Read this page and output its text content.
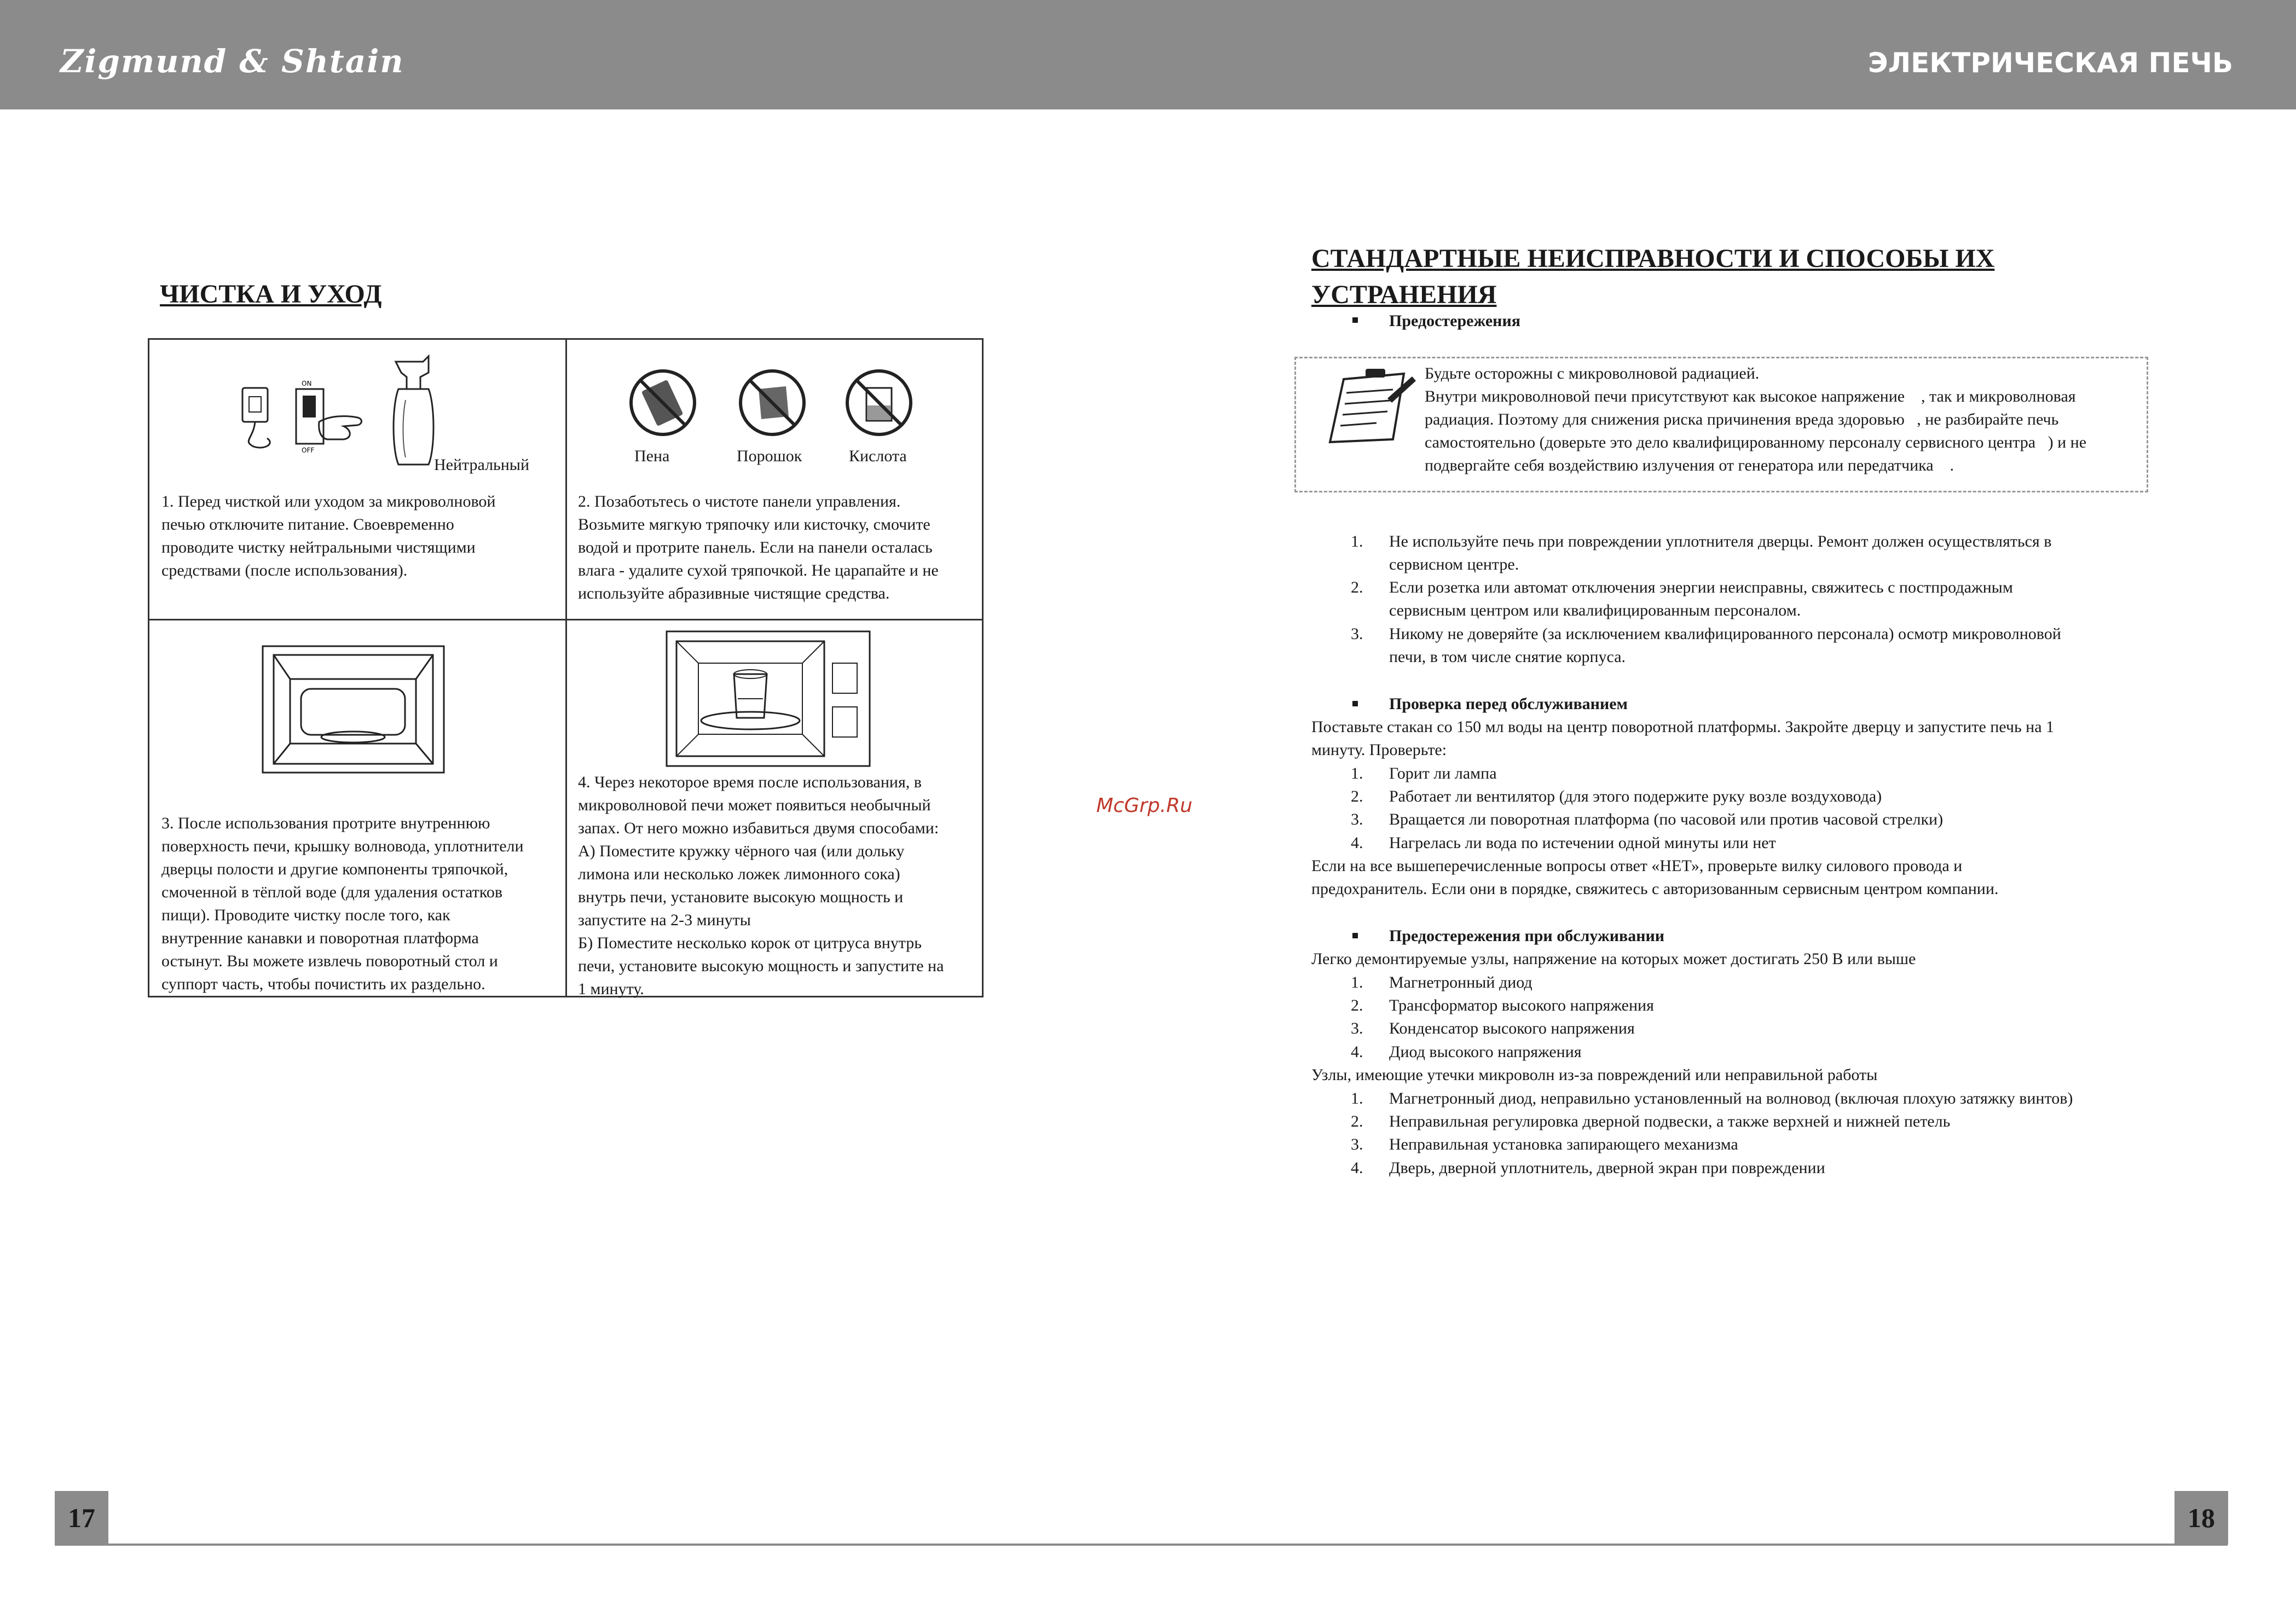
Zigmund & Shtain	ЭЛЕКТРИЧЕСКАЯ ПЕЧЬ
ЧИСТКА И УХОД
ON
OFF
Нейтральный
1. Перед чисткой или уходом за микроволновой
печью отключите питание. Своевременно
проводите чистку нейтральными чистящими
средствами (после использования).
Пена	Порошок	Кислота
2. Позаботьтесь о чистоте панели управления.
Возьмите мягкую тряпочку или кисточку, смочите
водой и протрите панель. Если на панели осталась
влага - удалите сухой тряпочкой. Не царапайте и не
используйте абразивные чистящие средства.
3. После использования протрите внутреннюю
поверхность печи, крышку волновода, уплотнители
дверцы полости и другие компоненты тряпочкой,
смоченной в тёплой воде (для удаления остатков
пищи). Проводите чистку после того, как
внутренние канавки и поворотная платформа
остынут. Вы можете извлечь поворотный стол и
суппорт часть, чтобы почистить их раздельно.
4. Через некоторое время после использования, в
микроволновой печи может появиться необычный
запах. От него можно избавиться двумя способами:
А) Поместите кружку чёрного чая (или дольку
лимона или несколько ложек лимонного сока)
внутрь печи, установите высокую мощность и
запустите на 2-3 минуты
Б) Поместите несколько корок от цитруса внутрь
печи, установите высокую мощность и запустите на
1 минуту.
McGrp.Ru
СТАНДАРТНЫЕ НЕИСПРАВНОСТИ И СПОСОБЫ ИХ УСТРАНЕНИЯ
Предостережения
Будьте осторожны с микроволновой радиацией.
Внутри микроволновой печи присутствуют как высокое напряжение    , так и микроволновая
радиация. Поэтому для снижения риска причинения вреда здоровью   , не разбирайте печь
самостоятельно (доверьте это дело квалифицированному персоналу сервисного центра   ) и не
подвергайте себя воздействию излучения от генератора или передатчика    .
1. Не используйте печь при повреждении уплотнителя дверцы. Ремонт должен осуществляться в
сервисном центре.
2. Если розетка или автомат отключения энергии неисправны, свяжитесь с постпродажным
сервисным центром или квалифицированным персоналом.
3. Никому не доверяйте (за исключением квалифицированного персонала) осмотр микроволновой
печи, в том числе снятие корпуса.
Проверка перед обслуживанием
Поставьте стакан со 150 мл воды на центр поворотной платформы. Закройте дверцу и запустите печь на 1
минуту. Проверьте:
1. Горит ли лампа
2. Работает ли вентилятор (для этого подержите руку возле воздуховода)
3. Вращается ли поворотная платформа (по часовой или против часовой стрелки)
4. Нагрелась ли вода по истечении одной минуты или нет
Если на все вышеперечисленные вопросы ответ «НЕТ», проверьте вилку силового провода и
предохранитель. Если они в порядке, свяжитесь с авторизованным сервисным центром компании.
Предостережения при обслуживании
Легко демонтируемые узлы, напряжение на которых может достигать 250 В или выше
1. Магнетронный диод
2. Трансформатор высокого напряжения
3. Конденсатор высокого напряжения
4. Диод высокого напряжения
Узлы, имеющие утечки микроволн из-за повреждений или неправильной работы
1. Магнетронный диод, неправильно установленный на волновод (включая плохую затяжку винтов)
2. Неправильная регулировка дверной подвески, а также верхней и нижней петель
3. Неправильная установка запирающего механизма
4. Дверь, дверной уплотнитель, дверной экран при повреждении
17	18
